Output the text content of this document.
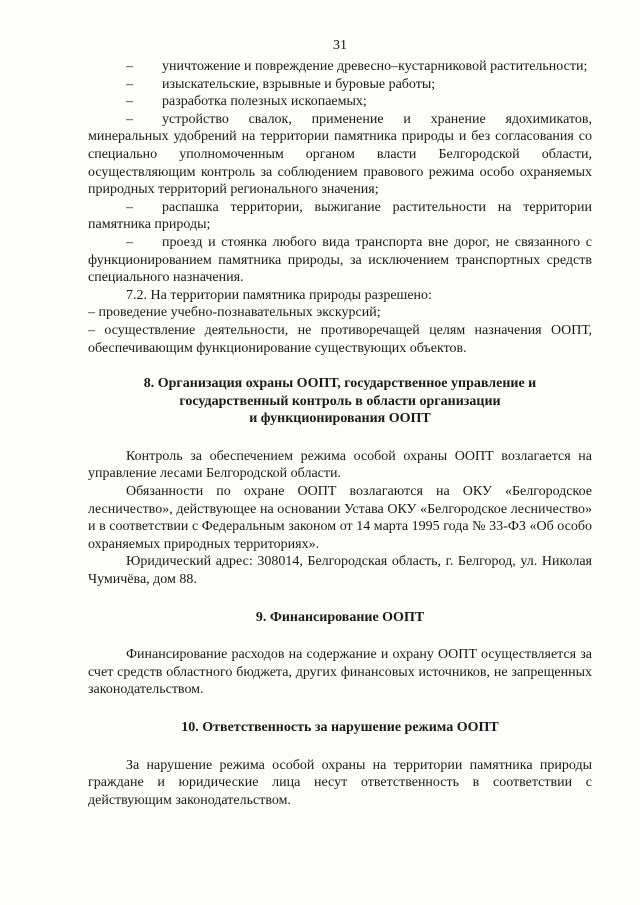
31

– уничтожение и повреждение древесно–кустарниковой растительности;

– изыскательские, взрывные и буровые работы;

– разработка полезных ископаемых;

– устройство свалок, применение и хранение ядохимикатов, минеральных удобрений на территории памятника природы и без согласования со специально уполномоченным органом власти Белгородской области, осуществляющим контроль за соблюдением правового режима особо охраняемых природных территорий регионального значения;

– распашка территории, выжигание растительности на территории памятника природы;

– проезд и стоянка любого вида транспорта вне дорог, не связанного с функционированием памятника природы, за исключением транспортных средств специального назначения.

7.2. На территории памятника природы разрешено:

– проведение учебно-познавательных экскурсий;

– осуществление деятельности, не противоречащей целям назначения ООПТ, обеспечивающим функционирование существующих объектов.

8. Организация охраны ООПТ, государственное управление и
государственный контроль в области организации
и функционирования ООПТ

Контроль за обеспечением режима особой охраны ООПТ возлагается на управление лесами Белгородской области.

Обязанности по охране ООПТ возлагаются на ОКУ «Белгородское лесничество», действующее на основании Устава ОКУ «Белгородское лесничество» и в соответствии с Федеральным законом от 14 марта 1995 года № 33-ФЗ «Об особо охраняемых природных территориях».

Юридический адрес: 308014, Белгородская область, г. Белгород, ул. Николая Чумичёва, дом 88.

9. Финансирование ООПТ

Финансирование расходов на содержание и охрану ООПТ осуществляется за счет средств областного бюджета, других финансовых источников, не запрещенных законодательством.

10. Ответственность за нарушение режима ООПТ

За нарушение режима особой охраны на территории памятника природы граждане и юридические лица несут ответственность в соответствии с действующим законодательством.
